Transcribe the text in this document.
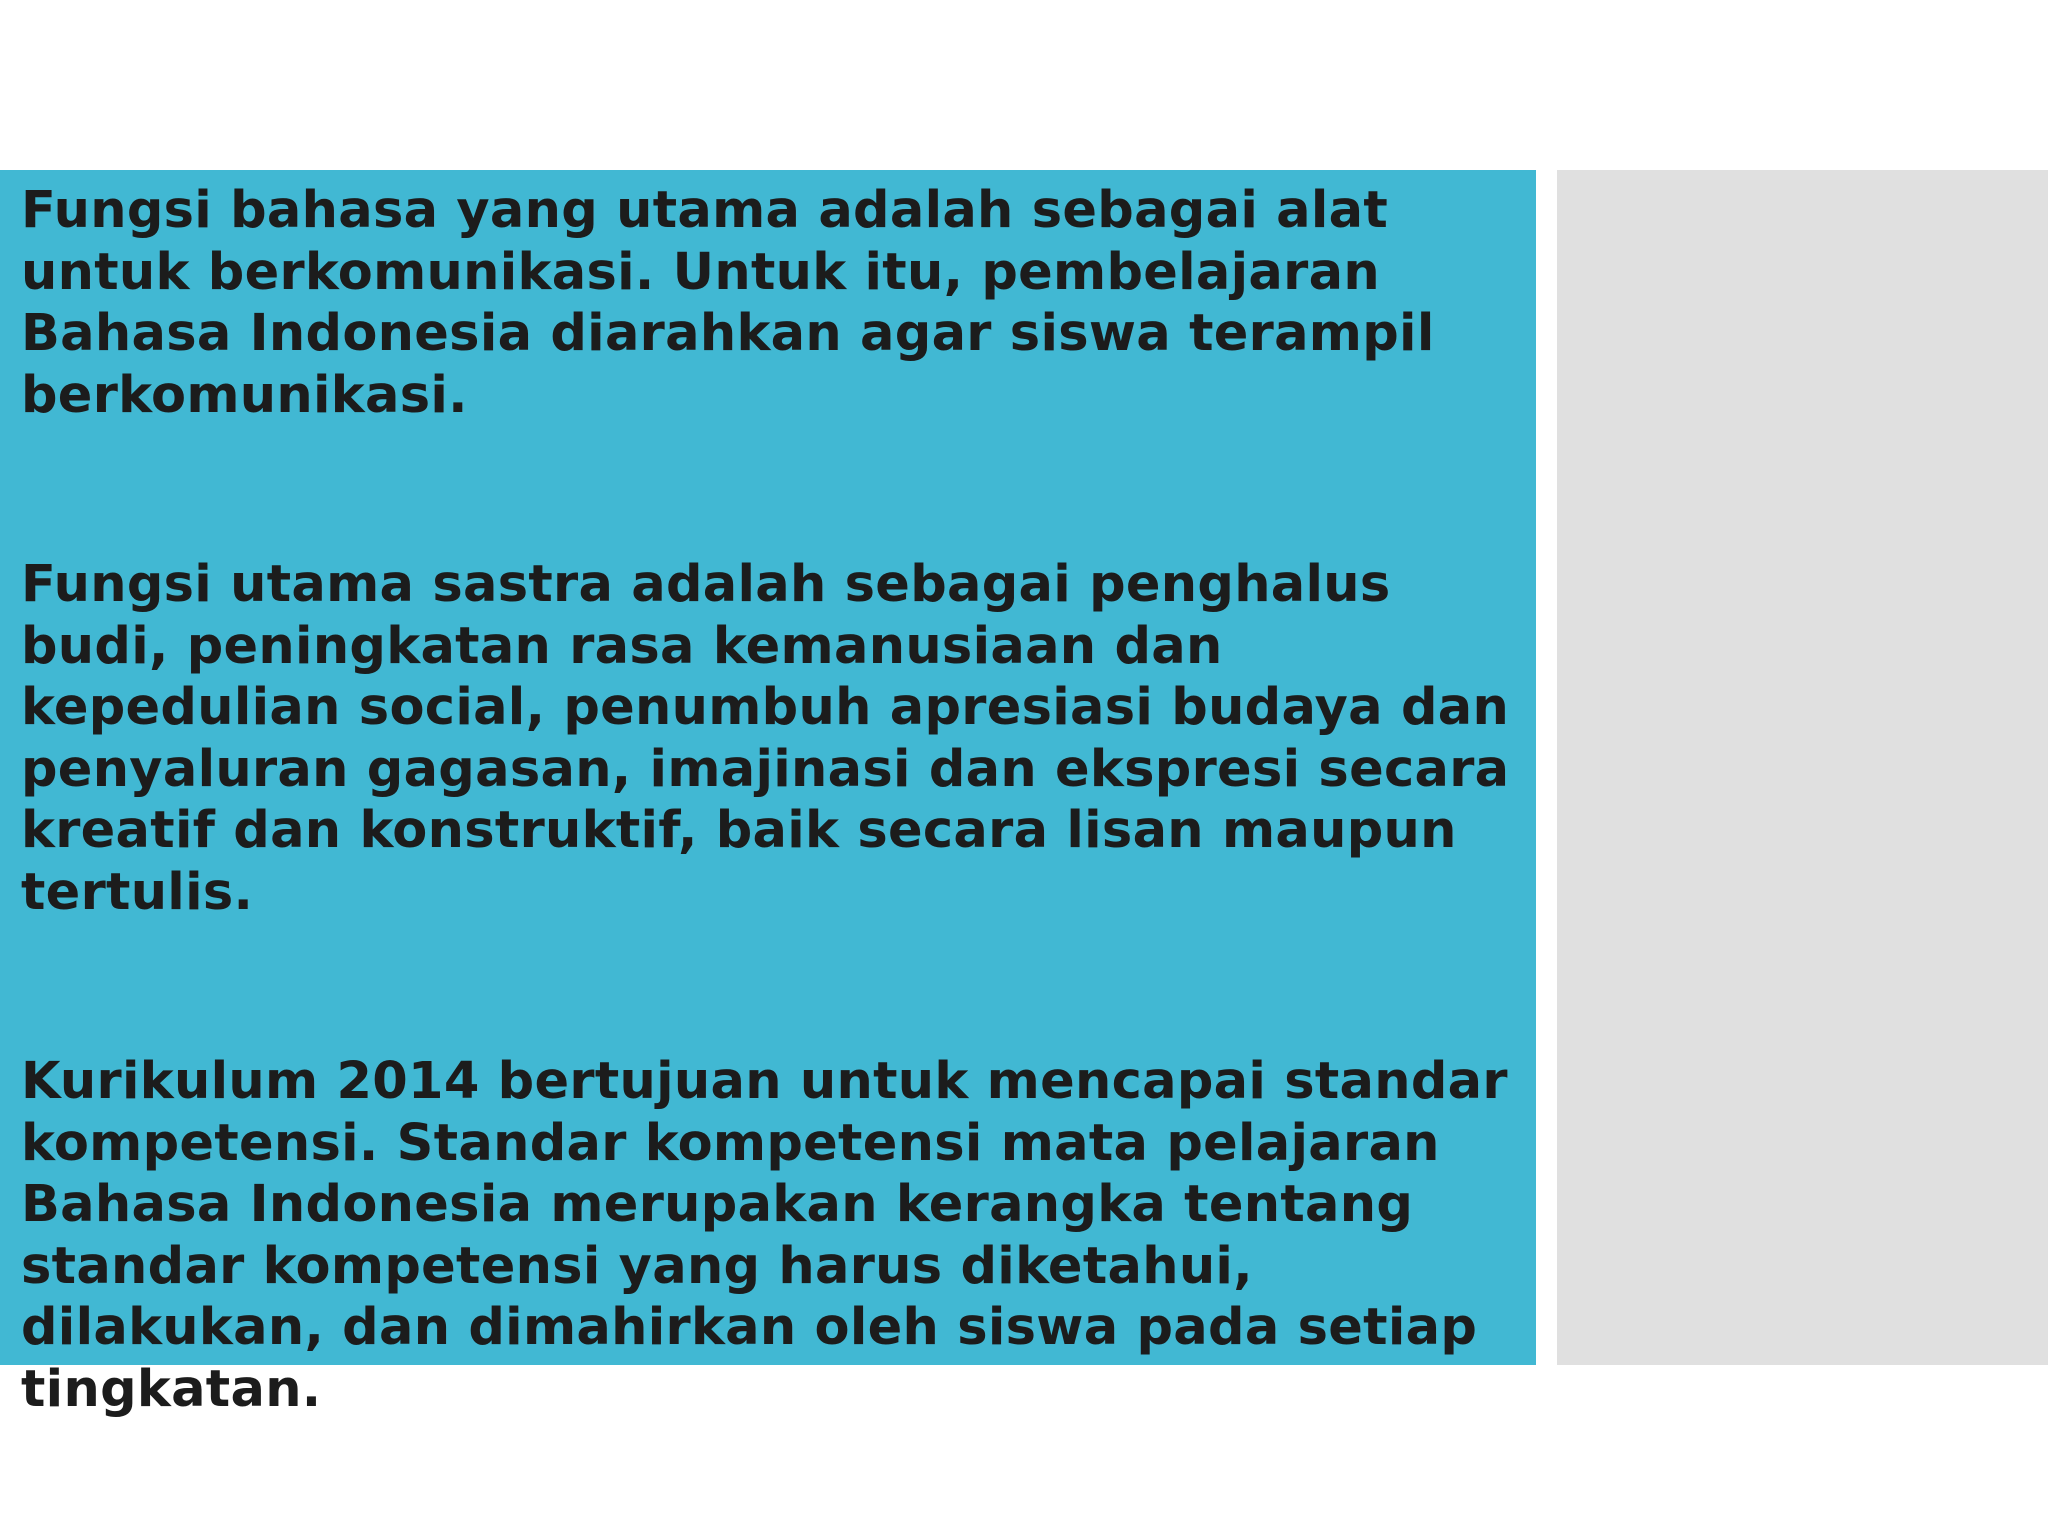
Fungsi bahasa yang utama adalah sebagai alat untuk berkomunikasi. Untuk itu, pembelajaran Bahasa Indonesia diarahkan agar siswa terampil berkomunikasi.

Fungsi utama sastra adalah sebagai penghalus budi, peningkatan rasa kemanusiaan dan kepedulian social, penumbuh apresiasi budaya dan penyaluran gagasan, imajinasi dan ekspresi secara kreatif dan konstruktif, baik secara lisan maupun tertulis.

Kurikulum 2014 bertujuan untuk mencapai standar kompetensi. Standar kompetensi mata pelajaran Bahasa Indonesia merupakan kerangka tentang standar kompetensi yang harus diketahui, dilakukan, dan dimahirkan oleh siswa pada setiap tingkatan.
